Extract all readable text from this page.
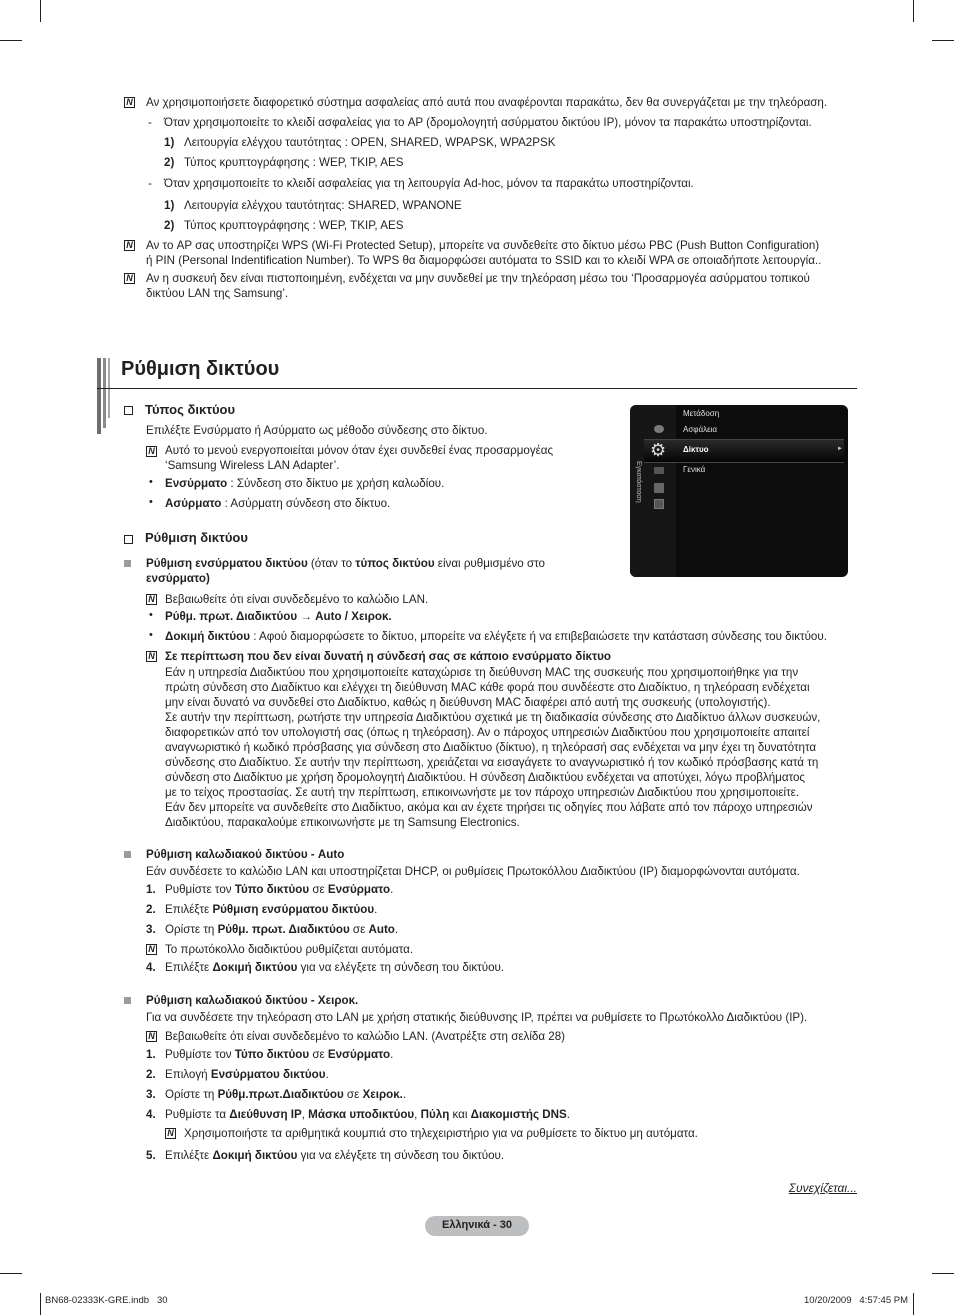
N Αν χρησιμοποιήσετε διαφορετικό σύστημα ασφαλείας από αυτά που αναφέρονται παρακάτω, δεν θα συνεργάζεται με την τηλεόραση.
- Όταν χρησιμοποιείτε το κλειδί ασφαλείας για το AP (δρομολογητή ασύρματου δικτύου IP), μόνον τα παρακάτω υποστηρίζονται.
1) Λειτουργία ελέγχου ταυτότητας : OPEN, SHARED, WPAPSK, WPA2PSK
2) Τύπος κρυπτογράφησης : WEP, TKIP, AES
- Όταν χρησιμοποιείτε το κλειδί ασφαλείας για τη λειτουργία Ad-hoc, μόνον τα παρακάτω υποστηρίζονται.
1) Λειτουργία ελέγχου ταυτότητας: SHARED, WPANONE
2) Τύπος κρυπτογράφησης : WEP, TKIP, AES
N Αν το AP σας υποστηρίζει WPS (Wi-Fi Protected Setup), μπορείτε να συνδεθείτε στο δίκτυο μέσω PBC (Push Button Configuration)
ή PIN (Personal Indentification Number). Το WPS θα διαμορφώσει αυτόματα το SSID και το κλειδί WPA σε οποιαδήποτε λειτουργία..
N Αν η συσκευή δεν είναι πιστοποιημένη, ενδέχεται να μην συνδεθεί με την τηλεόραση μέσω του ‘Προσαρμογέα ασύρματου τοπικού
δικτύου LAN της Samsung’.
Ρύθμιση δικτύου
Τύπος δικτύου
Επιλέξτε Ενσύρματο ή Ασύρματο ως μέθοδο σύνδεσης στο δίκτυο.
N Αυτό το μενού ενεργοποιείται μόνον όταν έχει συνδεθεί ένας προσαρμογέας
‘Samsung Wireless LAN Adapter’.
• Ενσύρματο : Σύνδεση στο δίκτυο με χρήση καλωδίου.
• Ασύρματο : Ασύρματη σύνδεση στο δίκτυο.
Εγκατάσταση
⚙
Μετάδοση
Ασφάλεια
Δίκτυο	►
Γενικά
Ρύθμιση δικτύου
Ρύθμιση ενσύρματου δικτύου (όταν το τύπος δικτύου είναι ρυθμισμένο στο
ενσύρματο)
N Βεβαιωθείτε ότι είναι συνδεδεμένο το καλώδιο LAN.
• Ρύθμ. πρωτ. Διαδικτύου → Auto / Χειροκ.
• Δοκιμή δικτύου : Αφού διαμορφώσετε το δίκτυο, μπορείτε να ελέγξετε ή να επιβεβαιώσετε την κατάσταση σύνδεσης του δικτύου.
N Σε περίπτωση που δεν είναι δυνατή η σύνδεσή σας σε κάποιο ενσύρματο δίκτυο
Εάν η υπηρεσία Διαδικτύου που χρησιμοποιείτε καταχώρισε τη διεύθυνση MAC της συσκευής που χρησιμοποιήθηκε για την
πρώτη σύνδεση στο Διαδίκτυο και ελέγχει τη διεύθυνση MAC κάθε φορά που συνδέεστε στο Διαδίκτυο, η τηλεόραση ενδέχεται
μην είναι δυνατό να συνδεθεί στο Διαδίκτυο, καθώς η διεύθυνση MAC διαφέρει από αυτή της συσκευής (υπολογιστής).
Σε αυτήν την περίπτωση, ρωτήστε την υπηρεσία Διαδικτύου σχετικά με τη διαδικασία σύνδεσης στο Διαδίκτυο άλλων συσκευών,
διαφορετικών από τον υπολογιστή σας (όπως η τηλεόραση). Αν ο πάροχος υπηρεσιών Διαδικτύου που χρησιμοποιείτε απαιτεί
αναγνωριστικό ή κωδικό πρόσβασης για σύνδεση στο Διαδίκτυο (δίκτυο), η τηλεόρασή σας ενδέχεται να μην έχει τη δυνατότητα
σύνδεσης στο Διαδίκτυο. Σε αυτήν την περίπτωση, χρειάζεται να εισαγάγετε το αναγνωριστικό ή τον κωδικό πρόσβασης κατά τη
σύνδεση στο Διαδίκτυο με χρήση δρομολογητή Διαδικτύου. Η σύνδεση Διαδικτύου ενδέχεται να αποτύχει, λόγω προβλήματος
με το τείχος προστασίας. Σε αυτή την περίπτωση, επικοινωνήστε με τον πάροχο υπηρεσιών Διαδικτύου που χρησιμοποιείτε.
Εάν δεν μπορείτε να συνδεθείτε στο Διαδίκτυο, ακόμα και αν έχετε τηρήσει τις οδηγίες που λάβατε από τον πάροχο υπηρεσιών
Διαδικτύου, παρακαλούμε επικοινωνήστε με τη Samsung Electronics.
Ρύθμιση καλωδιακού δικτύου - Auto
Εάν συνδέσετε το καλώδιο LAN και υποστηρίζεται DHCP, οι ρυθμίσεις Πρωτοκόλλου Διαδικτύου (IP) διαμορφώνονται αυτόματα.
1. Ρυθμίστε τον Τύπο δικτύου σε Ενσύρματο.
2. Επιλέξτε Ρύθμιση ενσύρματου δικτύου.
3. Ορίστε τη Ρύθμ. πρωτ. Διαδικτύου σε Auto.
N Το πρωτόκολλο διαδικτύου ρυθμίζεται αυτόματα.
4. Επιλέξτε Δοκιμή δικτύου για να ελέγξετε τη σύνδεση του δικτύου.
Ρύθμιση καλωδιακού δικτύου - Χειροκ.
Για να συνδέσετε την τηλεόραση στο LAN με χρήση στατικής διεύθυνσης IP, πρέπει να ρυθμίσετε το Πρωτόκολλο Διαδικτύου (IP).
N Βεβαιωθείτε ότι είναι συνδεδεμένο το καλώδιο LAN. (Ανατρέξτε στη σελίδα 28)
1. Ρυθμίστε τον Τύπο δικτύου σε Ενσύρματο.
2. Επιλογή Ενσύρματου δικτύου.
3. Ορίστε τη Ρύθμ.πρωτ.Διαδικτύου σε Χειροκ..
4. Ρυθμίστε τα Διεύθυνση IP, Μάσκα υποδικτύου, Πύλη και Διακομιστής DNS.
N Χρησιμοποιήστε τα αριθμητικά κουμπιά στο τηλεχειριστήριο για να ρυθμίσετε το δίκτυο μη αυτόματα.
5. Επιλέξτε Δοκιμή δικτύου για να ελέγξετε τη σύνδεση του δικτύου.
Συνεχίζεται...
Ελληνικά - 30
BN68-02333K-GRE.indb   30	10/20/2009   4:57:45 PM
